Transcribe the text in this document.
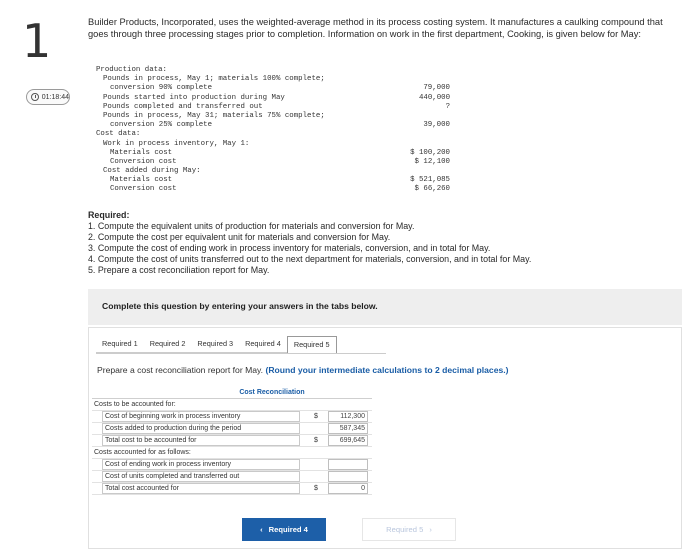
1
01:18:44
Builder Products, Incorporated, uses the weighted-average method in its process costing system. It manufactures a caulking compound that goes through three processing stages prior to completion. Information on work in the first department, Cooking, is given below for May:
Production data:
Pounds in process, May 1; materials 100% complete;
conversion 90% complete	79,000
Pounds started into production during May	440,000
Pounds completed and transferred out	?
Pounds in process, May 31; materials 75% complete;
conversion 25% complete	39,000
Cost data:
Work in process inventory, May 1:
Materials cost	$ 100,200
Conversion cost	$ 12,100
Cost added during May:
Materials cost	$ 521,085
Conversion cost	$ 66,260
Required:
1. Compute the equivalent units of production for materials and conversion for May.
2. Compute the cost per equivalent unit for materials and conversion for May.
3. Compute the cost of ending work in process inventory for materials, conversion, and in total for May.
4. Compute the cost of units transferred out to the next department for materials, conversion, and in total for May.
5. Prepare a cost reconciliation report for May.
Complete this question by entering your answers in the tabs below.
Required 1	Required 2	Required 3	Required 4	Required 5
Prepare a cost reconciliation report for May. (Round your intermediate calculations to 2 decimal places.)
Cost Reconciliation
Costs to be accounted for:
Cost of beginning work in process inventory	$	112,300
Costs added to production during the period	587,345
Total cost to be accounted for	$	699,645
Costs accounted for as follows:
Cost of ending work in process inventory
Cost of units completed and transferred out
Total cost accounted for	$	0
‹ Required 4	Required 5 ›
